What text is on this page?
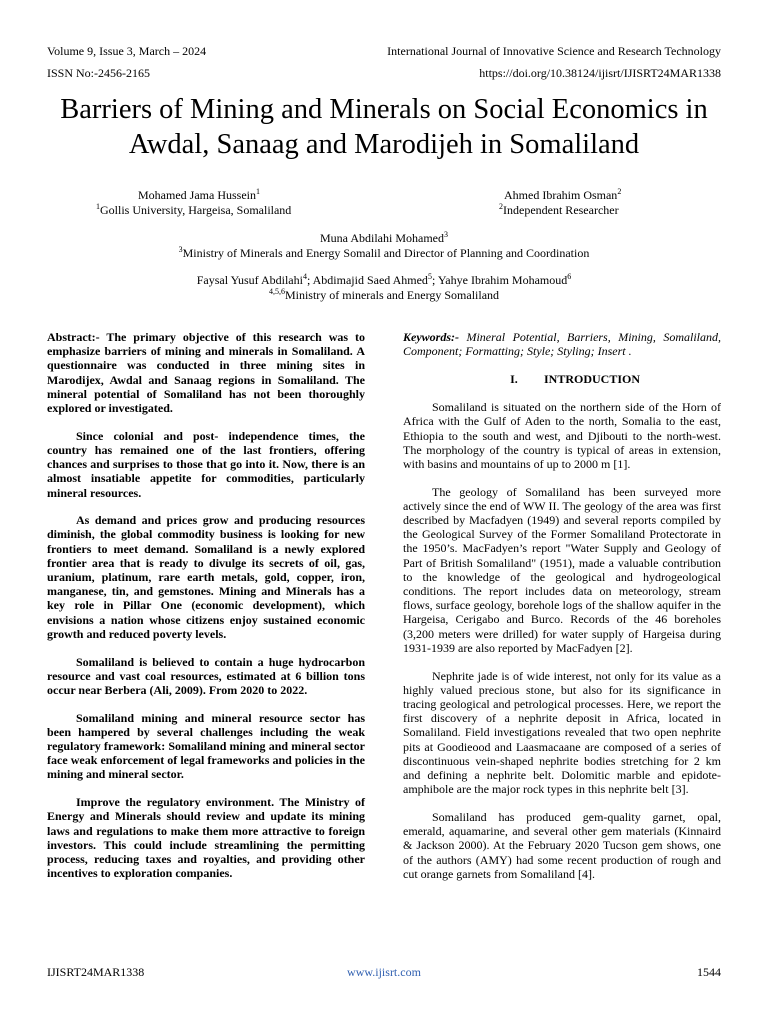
Volume 9, Issue 3, March – 2024	International Journal of Innovative Science and Research Technology
ISSN No:-2456-2165	https://doi.org/10.38124/ijisrt/IJISRT24MAR1338
Barriers of Mining and Minerals on Social Economics in Awdal, Sanaag and Marodijeh in Somaliland
Mohamed Jama Hussein$^1$
$^1$Gollis University, Hargeisa, Somaliland
Ahmed Ibrahim Osman$^2$
$^2$Independent Researcher
Muna Abdilahi Mohamed$^3$
$^3$Ministry of Minerals and Energy Somalil and Director of Planning and Coordination
Faysal Yusuf Abdilahi$^4$; Abdimajid Saed Ahmed$^5$; Yahye Ibrahim Mohamoud$^6$
$^{4,5,6}$Ministry of minerals and Energy Somaliland

Abstract:- The primary objective of this research was to emphasize barriers of mining and minerals in Somaliland. A questionnaire was conducted in three mining sites in Marodijex, Awdal and Sanaag regions in Somaliland. The mineral potential of Somaliland has not been thoroughly explored or investigated.

Since colonial and post- independence times, the country has remained one of the last frontiers, offering chances and surprises to those that go into it. Now, there is an almost insatiable appetite for commodities, particularly mineral resources.

As demand and prices grow and producing resources diminish, the global commodity business is looking for new frontiers to meet demand. Somaliland is a newly explored frontier area that is ready to divulge its secrets of oil, gas, uranium, platinum, rare earth metals, gold, copper, iron, manganese, tin, and gemstones. Mining and Minerals has a key role in Pillar One (economic development), which envisions a nation whose citizens enjoy sustained economic growth and reduced poverty levels.

Somaliland is believed to contain a huge hydrocarbon resource and vast coal resources, estimated at 6 billion tons occur near Berbera (Ali, 2009). From 2020 to 2022.

Somaliland mining and mineral resource sector has been hampered by several challenges including the weak regulatory framework: Somaliland mining and mineral sector face weak enforcement of legal frameworks and policies in the mining and mineral sector.

Improve the regulatory environment. The Ministry of Energy and Minerals should review and update its mining laws and regulations to make them more attractive to foreign investors. This could include streamlining the permitting process, reducing taxes and royalties, and providing other incentives to exploration companies.

Keywords:- Mineral Potential, Barriers, Mining, Somaliland, Component; Formatting; Style; Styling; Insert .

I. INTRODUCTION

Somaliland is situated on the northern side of the Horn of Africa with the Gulf of Aden to the north, Somalia to the east, Ethiopia to the south and west, and Djibouti to the north-west. The morphology of the country is typical of areas in extension, with basins and mountains of up to 2000 m [1].

The geology of Somaliland has been surveyed more actively since the end of WW II. The geology of the area was first described by Macfadyen (1949) and several reports compiled by the Geological Survey of the Former Somaliland Protectorate in the 1950’s. MacFadyen’s report "Water Supply and Geology of Part of British Somaliland" (1951), made a valuable contribution to the knowledge of the geological and hydrogeological conditions. The report includes data on meteorology, stream flows, surface geology, borehole logs of the shallow aquifer in the Hargeisa, Cerigabo and Burco. Records of the 46 boreholes (3,200 meters were drilled) for water supply of Hargeisa during 1931-1939 are also reported by MacFadyen [2].

Nephrite jade is of wide interest, not only for its value as a highly valued precious stone, but also for its significance in tracing geological and petrological processes. Here, we report the first discovery of a nephrite deposit in Africa, located in Somaliland. Field investigations revealed that two open nephrite pits at Goodieood and Laasmacaane are composed of a series of discontinuous vein-shaped nephrite bodies stretching for 2 km and defining a nephrite belt. Dolomitic marble and epidote-amphibole are the major rock types in this nephrite belt [3].

Somaliland has produced gem-quality garnet, opal, emerald, aquamarine, and several other gem materials (Kinnaird & Jackson 2000). At the February 2020 Tucson gem shows, one of the authors (AMY) had some recent production of rough and cut orange garnets from Somaliland [4].

IJISRT24MAR1338	www.ijisrt.com	1544
